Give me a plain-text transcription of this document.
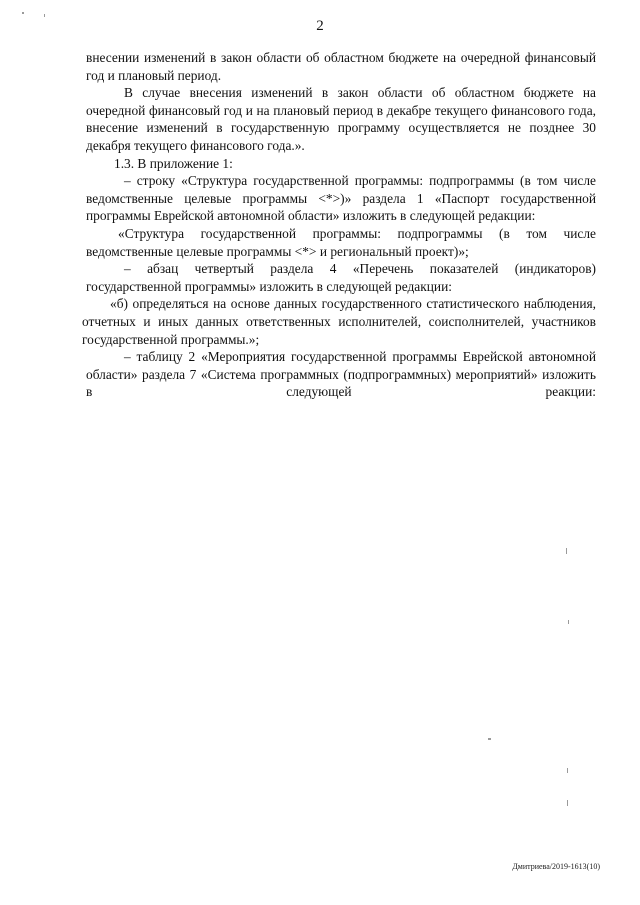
2

внесении изменений в закон области об областном бюджете на очередной финансовый год и плановый период.

В случае внесения изменений в закон области об областном бюджете на очередной финансовый год и на плановый период в декабре текущего финансового года, внесение изменений в государственную программу осуществляется не позднее 30 декабря текущего финансового года.».

1.3. В приложение 1:

– строку «Структура государственной программы: подпрограммы (в том числе ведомственные целевые программы <*>)» раздела 1 «Паспорт государственной программы Еврейской автономной области» изложить в следующей редакции:

«Структура государственной программы: подпрограммы (в том числе ведомственные целевые программы <*> и региональный проект)»;

– абзац четвертый раздела 4 «Перечень показателей (индикаторов) государственной программы» изложить в следующей редакции:

«б) определяться на основе данных государственного статистического наблюдения, отчетных и иных данных ответственных исполнителей, соисполнителей, участников государственной программы.»;

– таблицу 2 «Мероприятия государственной программы Еврейской автономной области» раздела 7 «Система программных (подпрограммных) мероприятий» изложить в следующей реакции:

Дмитриева/2019-1613(10)
